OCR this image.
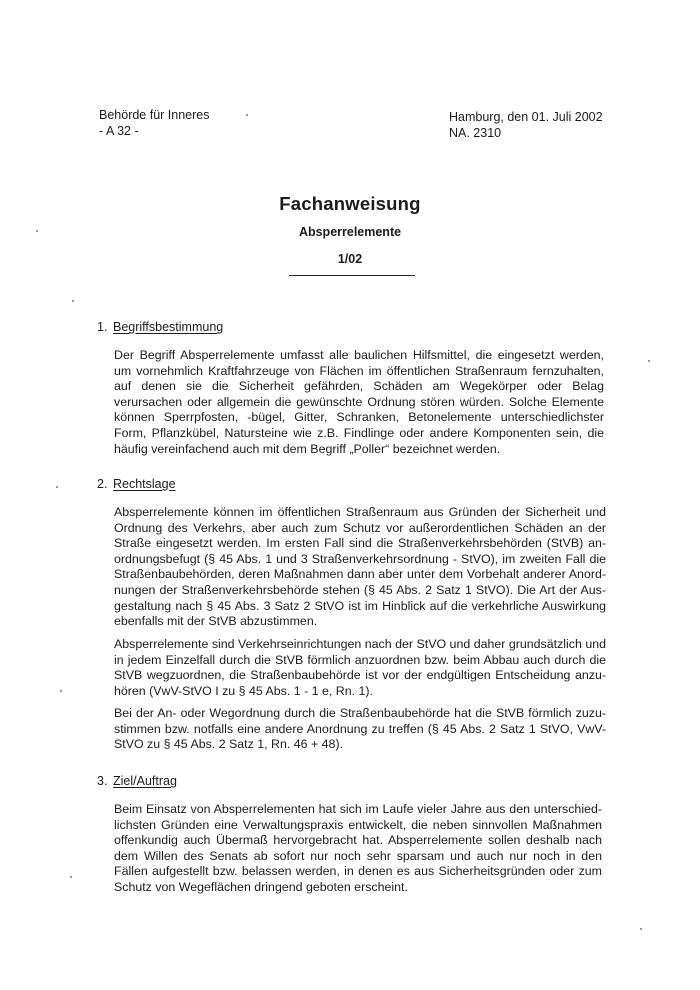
Behörde für Inneres
- A 32 -
Hamburg, den 01. Juli 2002
NA. 2310
Fachanweisung
Absperrelemente
1/02
1. Begriffsbestimmung

Der Begriff Absperrelemente umfasst alle baulichen Hilfsmittel, die eingesetzt werden, um vornehmlich Kraftfahrzeuge von Flächen im öffentlichen Straßenraum fernzuhalten, auf denen sie die Sicherheit gefährden, Schäden am Wegekörper oder Belag verursachen oder allgemein die gewünschte Ordnung stören würden. Solche Elemente können Sperrpfosten, -bügel, Gitter, Schranken, Betonelemente unterschiedlichster Form, Pflanzkübel, Natursteine wie z.B. Findlinge oder andere Komponenten sein, die häufig vereinfachend auch mit dem Begriff „Poller“ bezeichnet werden.

2. Rechtslage

Absperrelemente können im öffentlichen Straßenraum aus Gründen der Sicherheit und Ordnung des Verkehrs, aber auch zum Schutz vor außerordentlichen Schäden an der Straße eingesetzt werden. Im ersten Fall sind die Straßenverkehrsbehörden (StVB) anordnungsbefugt (§ 45 Abs. 1 und 3 Straßenverkehrsordnung - StVO), im zweiten Fall die Straßenbaubehörden, deren Maßnahmen dann aber unter dem Vorbehalt anderer Anordnungen der Straßenverkehrsbehörde stehen (§ 45 Abs. 2 Satz 1 StVO). Die Art der Ausgestaltung nach § 45 Abs. 3 Satz 2 StVO ist im Hinblick auf die verkehrliche Auswirkung ebenfalls mit der StVB abzustimmen.

Absperrelemente sind Verkehrseinrichtungen nach der StVO und daher grundsätzlich und in jedem Einzelfall durch die StVB förmlich anzuordnen bzw. beim Abbau auch durch die StVB wegzuordnen, die Straßenbaubehörde ist vor der endgültigen Entscheidung anzuhören (VwV-StVO I zu § 45 Abs. 1 - 1 e, Rn. 1).

Bei der An- oder Wegordnung durch die Straßenbaubehörde hat die StVB förmlich zuzustimmen bzw. notfalls eine andere Anordnung zu treffen (§ 45 Abs. 2 Satz 1 StVO, VwV-StVO zu § 45 Abs. 2 Satz 1, Rn. 46 + 48).

3. Ziel/Auftrag

Beim Einsatz von Absperrelementen hat sich im Laufe vieler Jahre aus den unterschiedlichsten Gründen eine Verwaltungspraxis entwickelt, die neben sinnvollen Maßnahmen offenkundig auch Übermaß hervorgebracht hat. Absperrelemente sollen deshalb nach dem Willen des Senats ab sofort nur noch sehr sparsam und auch nur noch in den Fällen aufgestellt bzw. belassen werden, in denen es aus Sicherheitsgründen oder zum Schutz von Wegeflächen dringend geboten erscheint.
